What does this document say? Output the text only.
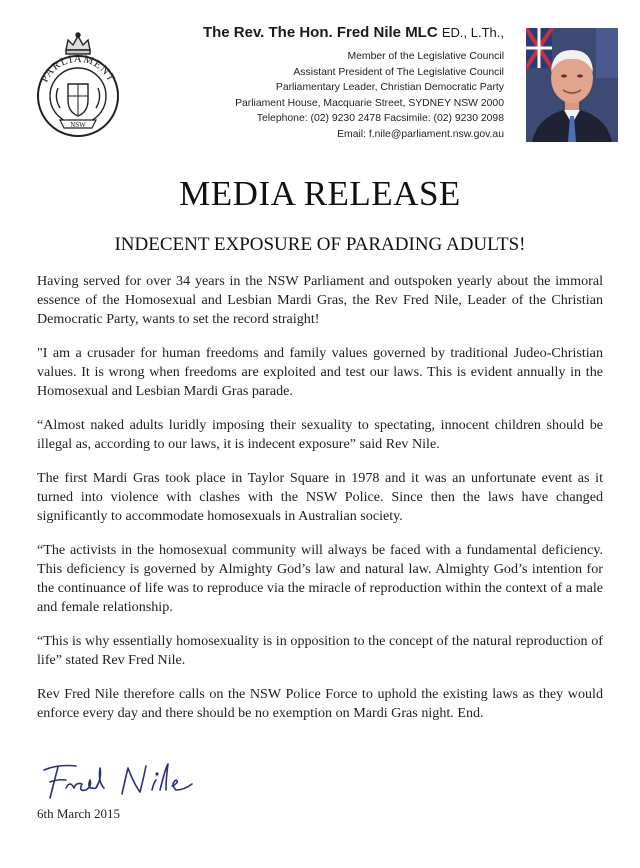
PARLIAMENT
NSW
The Rev. The Hon. Fred Nile MLC ED., L.Th.,
Member of the Legislative Council
Assistant President of The Legislative Council
Parliamentary Leader, Christian Democratic Party
Parliament House, Macquarie Street, SYDNEY NSW 2000
Telephone: (02) 9230 2478 Facsimile: (02) 9230 2098
Email: f.nile@parliament.nsw.gov.au
MEDIA RELEASE
INDECENT EXPOSURE OF PARADING ADULTS!

Having served for over 34 years in the NSW Parliament and outspoken yearly about the immoral essence of the Homosexual and Lesbian Mardi Gras, the Rev Fred Nile, Leader of the Christian Democratic Party, wants to set the record straight!

"I am a crusader for human freedoms and family values governed by traditional Judeo-Christian values. It is wrong when freedoms are exploited and test our laws. This is evident annually in the Homosexual and Lesbian Mardi Gras parade.

“Almost naked adults luridly imposing their sexuality to spectating, innocent children should be illegal as, according to our laws, it is indecent exposure” said Rev Nile.

The first Mardi Gras took place in Taylor Square in 1978 and it was an unfortunate event as it turned into violence with clashes with the NSW Police. Since then the laws have changed significantly to accommodate homosexuals in Australian society.

“The activists in the homosexual community will always be faced with a fundamental deficiency. This deficiency is governed by Almighty God’s law and natural law. Almighty God’s intention for the continuance of life was to reproduce via the miracle of reproduction within the context of a male and female relationship.

“This is why essentially homosexuality is in opposition to the concept of the natural reproduction of life” stated Rev Fred Nile.

Rev Fred Nile therefore calls on the NSW Police Force to uphold the existing laws as they would enforce every day and there should be no exemption on Mardi Gras night. End.

6th March 2015
